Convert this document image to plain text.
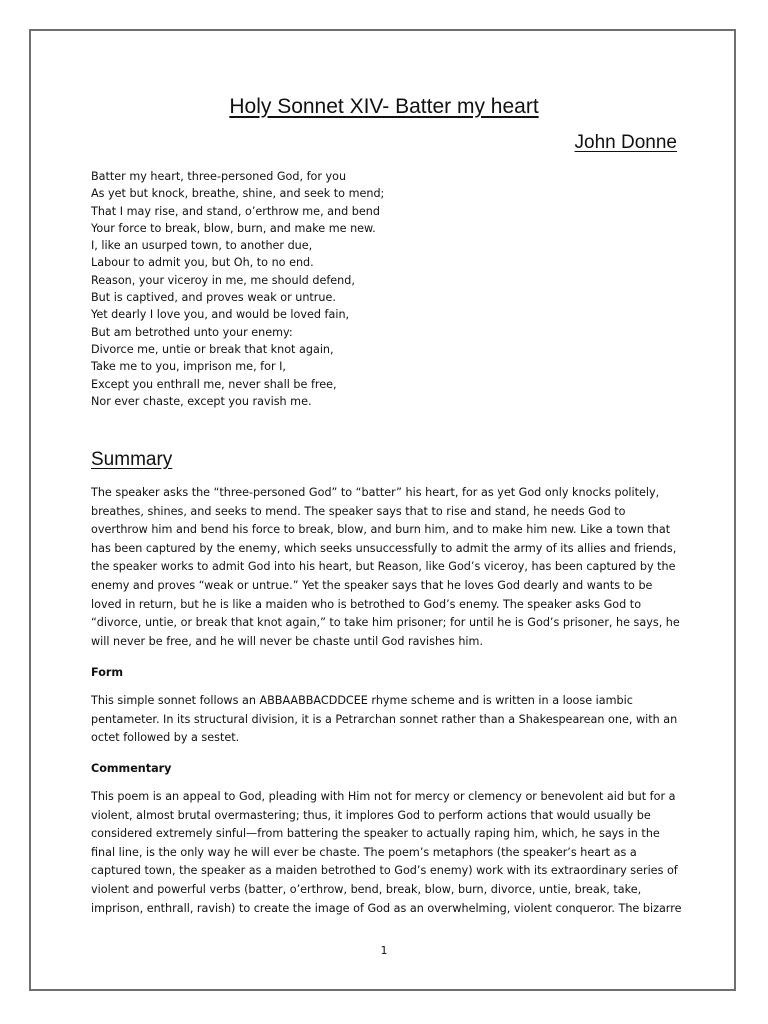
Holy Sonnet XIV- Batter my heart
John Donne
Batter my heart, three-personed God, for you
As yet but knock, breathe, shine, and seek to mend;
That I may rise, and stand, o’erthrow me, and bend
Your force to break, blow, burn, and make me new.
I, like an usurped town, to another due,
Labour to admit you, but Oh, to no end.
Reason, your viceroy in me, me should defend,
But is captived, and proves weak or untrue.
Yet dearly I love you, and would be loved fain,
But am betrothed unto your enemy:
Divorce me, untie or break that knot again,
Take me to you, imprison me, for I,
Except you enthrall me, never shall be free,
Nor ever chaste, except you ravish me.
Summary

The speaker asks the “three-personed God” to “batter” his heart, for as yet God only knocks politely, breathes, shines, and seeks to mend. The speaker says that to rise and stand, he needs God to overthrow him and bend his force to break, blow, and burn him, and to make him new. Like a town that has been captured by the enemy, which seeks unsuccessfully to admit the army of its allies and friends, the speaker works to admit God into his heart, but Reason, like God’s viceroy, has been captured by the enemy and proves “weak or untrue.” Yet the speaker says that he loves God dearly and wants to be loved in return, but he is like a maiden who is betrothed to God’s enemy. The speaker asks God to “divorce, untie, or break that knot again,” to take him prisoner; for until he is God’s prisoner, he says, he will never be free, and he will never be chaste until God ravishes him.

Form

This simple sonnet follows an ABBAABBACDDCEE rhyme scheme and is written in a loose iambic pentameter. In its structural division, it is a Petrarchan sonnet rather than a Shakespearean one, with an octet followed by a sestet.

Commentary

This poem is an appeal to God, pleading with Him not for mercy or clemency or benevolent aid but for a violent, almost brutal overmastering; thus, it implores God to perform actions that would usually be considered extremely sinful—from battering the speaker to actually raping him, which, he says in the final line, is the only way he will ever be chaste. The poem’s metaphors (the speaker’s heart as a captured town, the speaker as a maiden betrothed to God’s enemy) work with its extraordinary series of violent and powerful verbs (batter, o’erthrow, bend, break, blow, burn, divorce, untie, break, take, imprison, enthrall, ravish) to create the image of God as an overwhelming, violent conqueror. The bizarre

1
